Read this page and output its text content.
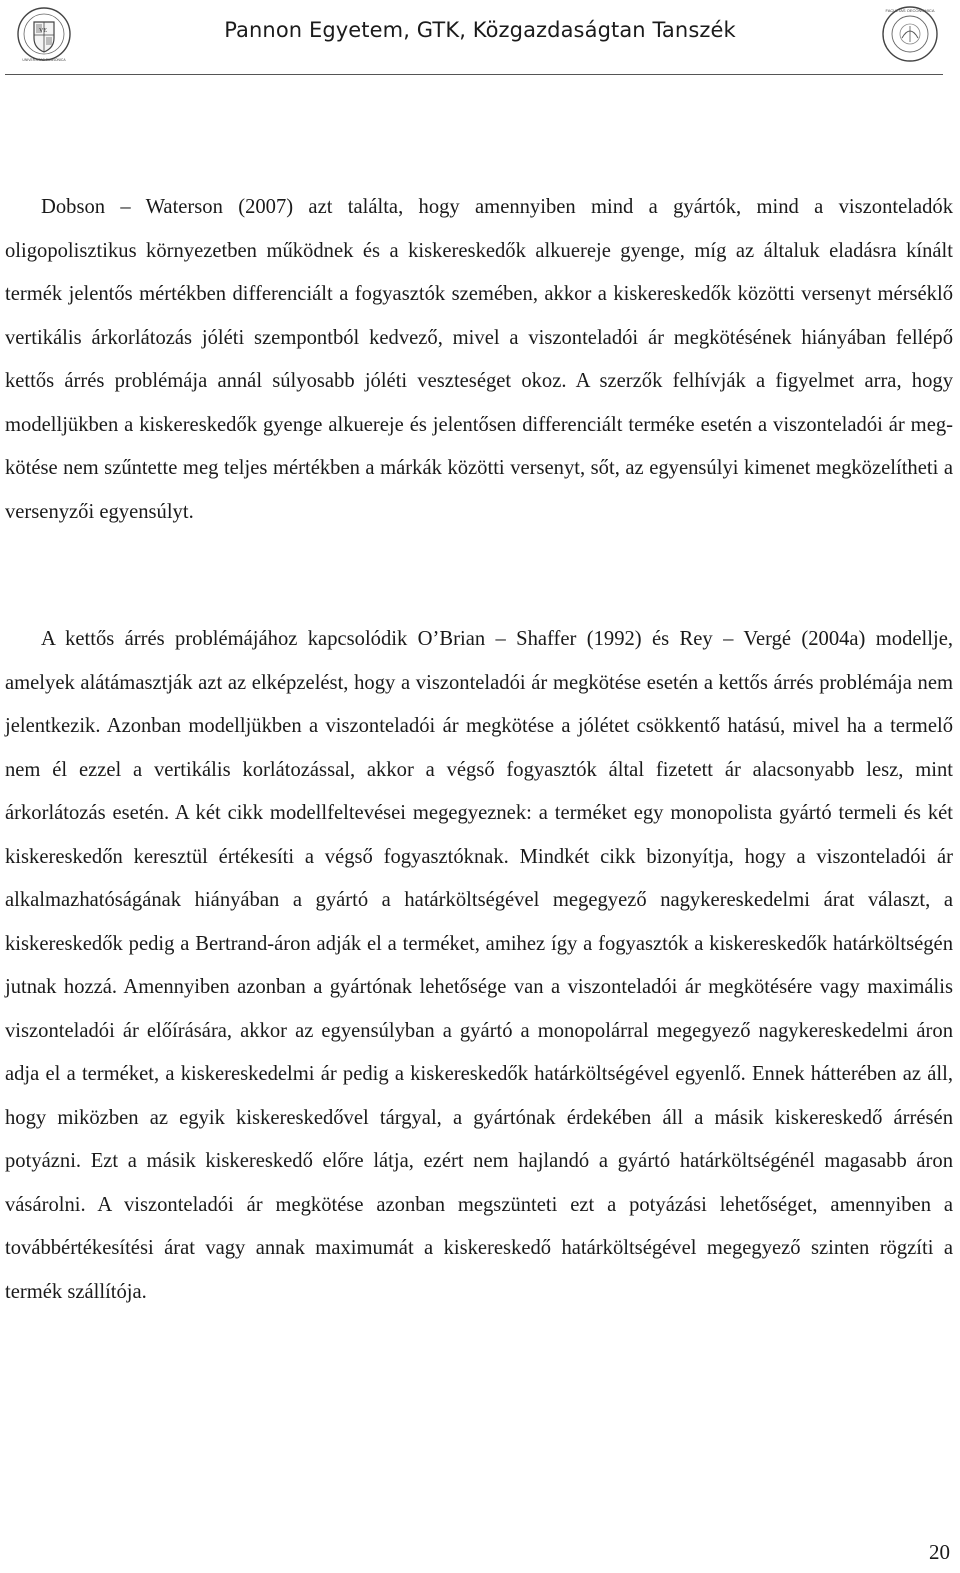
VE
UNIVERSITAS PANNONICA
Pannon Egyetem, GTK, Közgazdaságtan Tanszék
FACULTAS OECONOMICA

Dobson – Waterson (2007) azt találta, hogy amennyiben mind a gyártók, mind a viszonteladók oligopolisztikus környezetben működnek és a kiskereskedők alkuereje gyenge, míg az általuk eladásra kínált termék jelentős mértékben differenciált a fogyasztók szemében, akkor a kiskereskedők közötti versenyt mérséklő vertikális árkorlátozás jóléti szempontból kedvező, mivel a viszonteladói ár megkötésének hiányában fellépő kettős árrés problémája annál súlyosabb jóléti veszteséget okoz. A szerzők felhívják a figyelmet arra, hogy modelljükben a kiskereskedők gyenge alkuereje és jelentősen differenciált terméke esetén a viszonteladói ár megkötése nem szűntette meg teljes mértékben a márkák közötti versenyt, sőt, az egyensúlyi kimenet megközelítheti a versenyzői egyensúlyt.

A kettős árrés problémájához kapcsolódik O’Brian – Shaffer (1992) és Rey – Vergé (2004a) modellje, amelyek alátámasztják azt az elképzelést, hogy a viszonteladói ár megkötése esetén a kettős árrés problémája nem jelentkezik. Azonban modelljükben a viszonteladói ár megkötése a jólétet csökkentő hatású, mivel ha a termelő nem él ezzel a vertikális korlátozással, akkor a végső fogyasztók által fizetett ár alacsonyabb lesz, mint árkorlátozás esetén. A két cikk modellfeltevései megegyeznek: a terméket egy monopolista gyártó termeli és két kiskereskedőn keresztül értékesíti a végső fogyasztóknak. Mindkét cikk bizonyítja, hogy a viszonteladói ár alkalmazhatóságának hiányában a gyártó a határköltségével megegyező nagykereskedelmi árat választ, a kiskereskedők pedig a Bertrand-áron adják el a terméket, amihez így a fogyasztók a kiskereskedők határköltségén jutnak hozzá. Amennyiben azonban a gyártónak lehetősége van a viszonteladói ár megkötésére vagy maximális viszonteladói ár előírására, akkor az egyensúlyban a gyártó a monopolárral megegyező nagykereskedelmi áron adja el a terméket, a kiskereskedelmi ár pedig a kiskereskedők határköltségével egyenlő. Ennek hátterében az áll, hogy miközben az egyik kiskereskedővel tárgyal, a gyártónak érdekében áll a másik kiskereskedő árrésén potyázni. Ezt a másik kiskereskedő előre látja, ezért nem hajlandó a gyártó határköltségénél magasabb áron vásárolni. A viszonteladói ár megkötése azonban megszünteti ezt a potyázási lehetőséget, amennyiben a továbbértékesítési árat vagy annak maximumát a kiskereskedő határköltségével megegyező szinten rögzíti a termék szállítója.

20
